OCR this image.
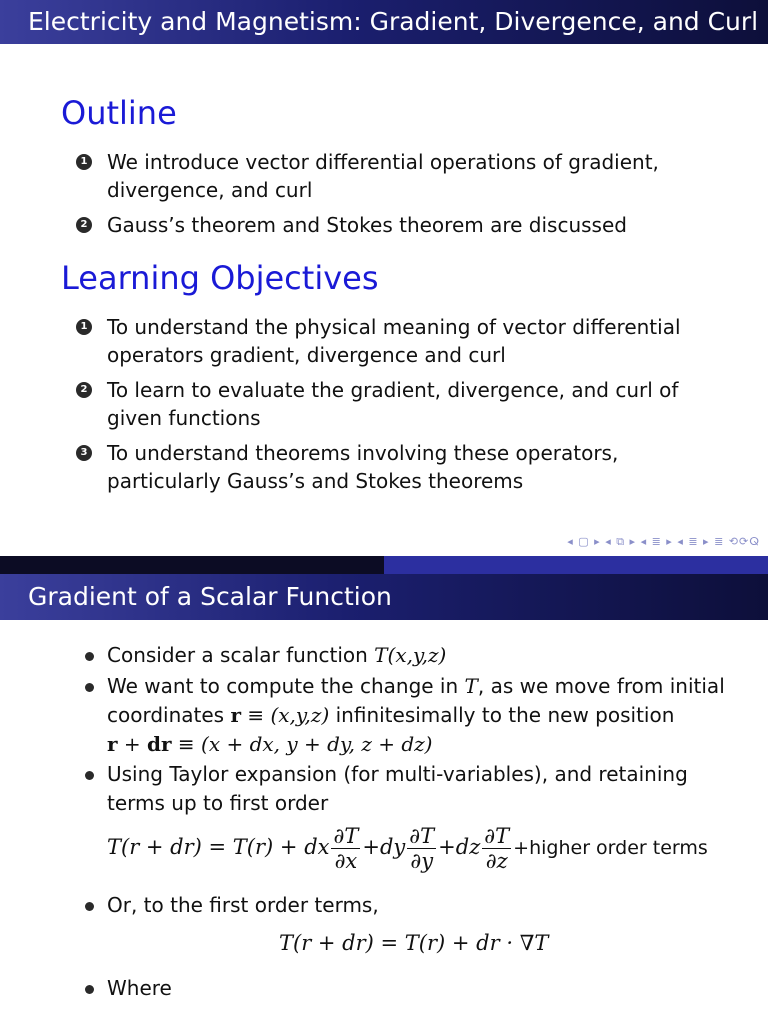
Electricity and Magnetism: Gradient, Divergence, and Curl
Outline
1 We introduce vector differential operations of gradient, divergence, and curl
2 Gauss’s theorem and Stokes theorem are discussed
Learning Objectives
1 To understand the physical meaning of vector differential operators gradient, divergence and curl
2 To learn to evaluate the gradient, divergence, and curl of given functions
3 To understand theorems involving these operators, particularly Gauss’s and Stokes theorems
◂ ▢ ▸ ◂ ⧉ ▸ ◂ ≣ ▸ ◂ ≣ ▸ ≣ ⟲⟳ⵕ
Gradient of a Scalar Function
Consider a scalar function T(x,y,z)
We want to compute the change in T, as we move from initial
coordinates r ≡ (x,y,z) infinitesimally to the new position
r + dr ≡ (x + dx, y + dy, z + dz)
Using Taylor expansion (for multi-variables), and retaining terms up to first order
T(r + dr) = T(r) + dx $\frac{\partial T}{\partial x} +dy \frac{\partial T}{\partial y} +dz \frac{\partial T}{\partial z}$ +higher order terms
Or, to the first order terms,
T(r + dr) = T(r) + dr · ∇T
Where
